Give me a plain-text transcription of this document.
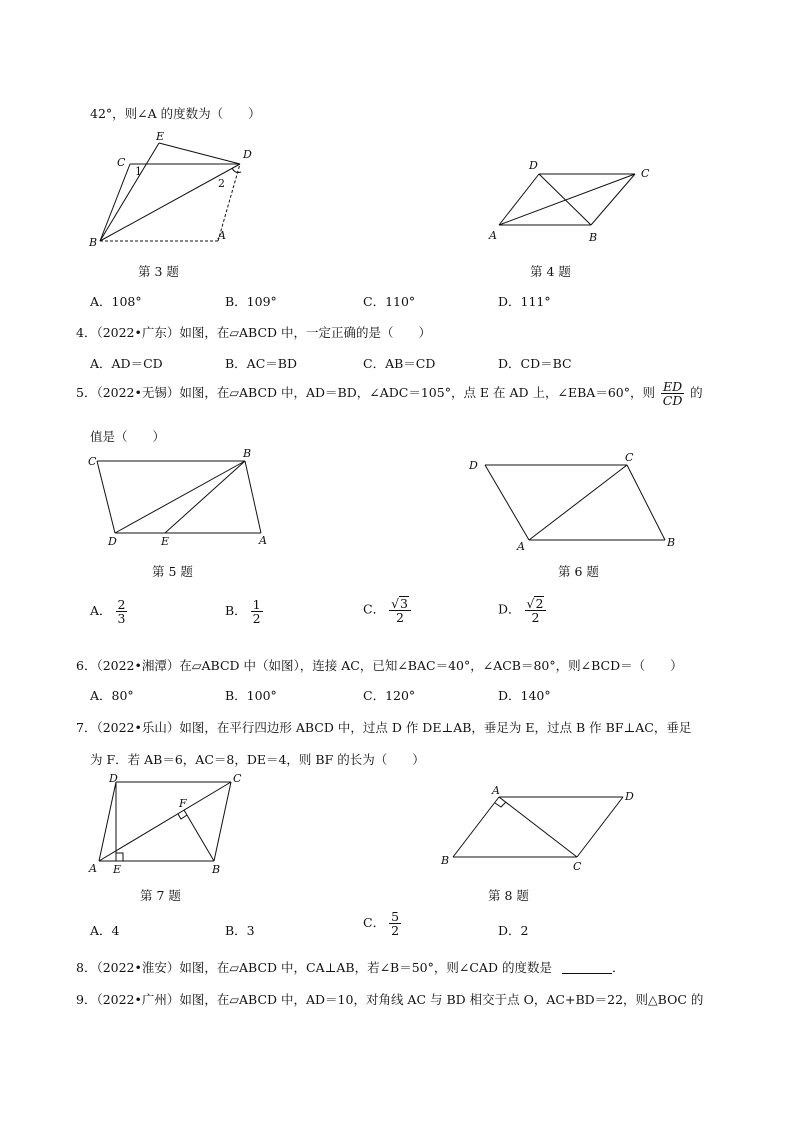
42°，则∠A 的度数为（　　）
E
C
D
1
2
B
A
D
C
A	B
第 3 题	第 4 题
A．108°	B．109°	C．110°	D．111°
4．（2022•广东）如图，在▱ABCD 中，一定正确的是（　　）
A．AD＝CD	B．AC＝BD	C．AB＝CD	D．CD＝BC
5．（2022•无锡）如图，在▱ABCD 中，AD＝BD，∠ADC＝105°，点 E 在 AD 上，∠EBA＝60°，则 $\frac{ED}{CD}$ 的
值是（　　）
C
B
D	E	A
D
C
A	B
第 5 题	第 6 题
A． $\frac{2}{3}$	B． $\frac{1}{2}$	C． $\frac{√ 3}{2}$	D． $\frac{√ 2}{2}$
6．（2022•湘潭）在▱ABCD 中（如图），连接 AC，已知∠BAC＝40°，∠ACB＝80°，则∠BCD＝（　　）
A．80°	B．100°	C．120°	D．140°
7．（2022•乐山）如图，在平行四边形 ABCD 中，过点 D 作 DE⊥AB，垂足为 E，过点 B 作 BF⊥AC，垂足
为 F．若 AB＝6，AC＝8，DE＝4，则 BF 的长为（　　）
D	C
F
A E	B
A	D
B	C
第 7 题	第 8 题
A．4	B．3
C． $\frac{5}{2}$	D．2
8．（2022•淮安）如图，在▱ABCD 中，CA⊥AB，若∠B＝50°，则∠CAD 的度数是	．
9．（2022•广州）如图，在▱ABCD 中，AD＝10，对角线 AC 与 BD 相交于点 O，AC+BD＝22，则△BOC 的
